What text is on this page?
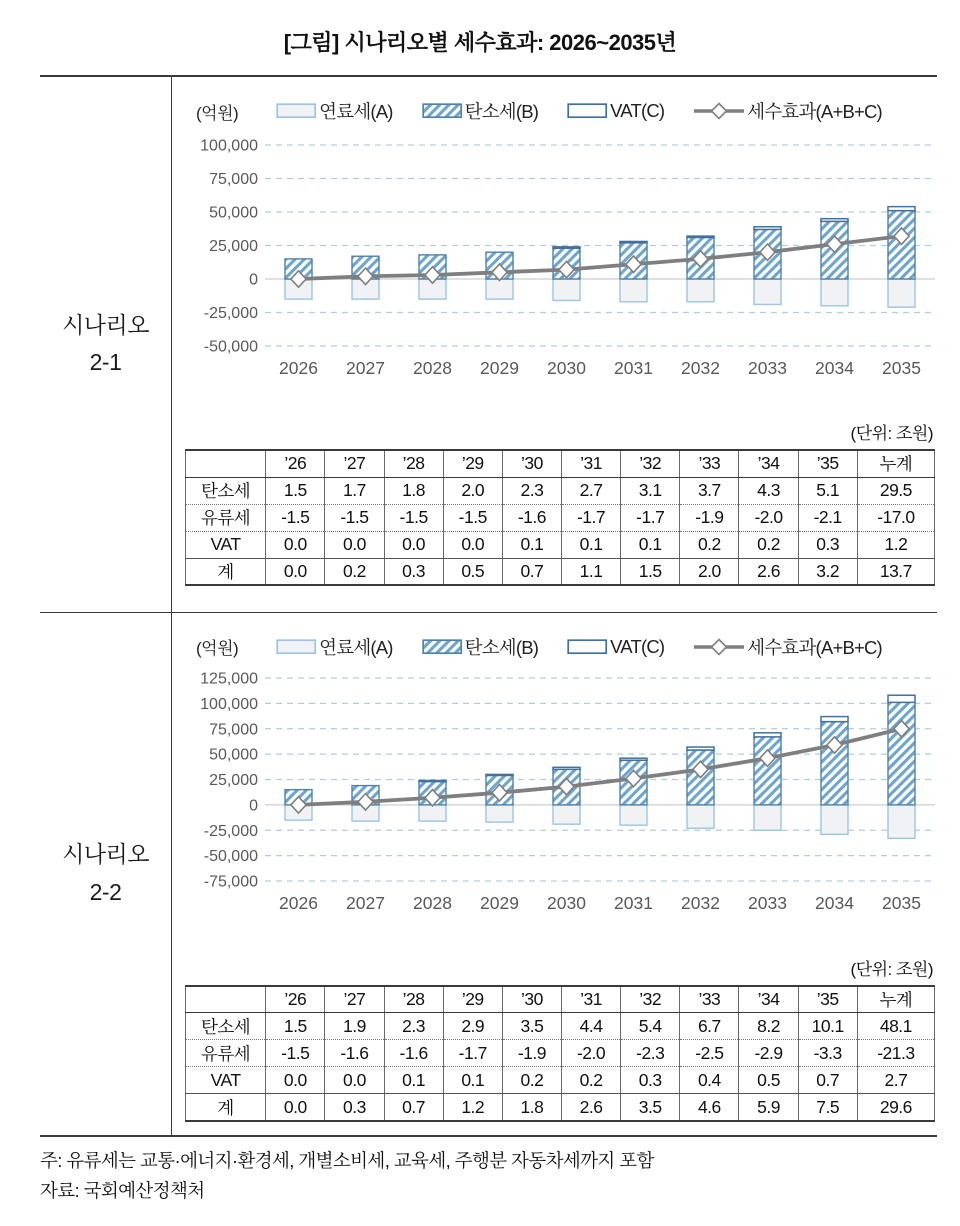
[그림] 시나리오별 세수효과: 2026~2035년
시나리오
2-1
(억원)	연료세(A)	탄소세(B)	VAT(C)	세수효과(A+B+C)
100,000
75,000
50,000
25,000
0
-25,000
-50,000
2026 2027 2028 2029 2030 2031 2032 2033 2034 2035
(단위: 조원)
	’26	’27	’28	’29	’30	’31	’32	’33	’34	’35	누계
탄소세	1.5	1.7	1.8	2.0	2.3	2.7	3.1	3.7	4.3	5.1	29.5
유류세	-1.5	-1.5	-1.5	-1.5	-1.6	-1.7	-1.7	-1.9	-2.0	-2.1	-17.0
VAT	0.0	0.0	0.0	0.0	0.1	0.1	0.1	0.2	0.2	0.3	1.2
계	0.0	0.2	0.3	0.5	0.7	1.1	1.5	2.0	2.6	3.2	13.7
시나리오
2-2
(억원)	연료세(A)	탄소세(B)	VAT(C)	세수효과(A+B+C)
125,000
100,000
75,000
50,000
25,000
0
-25,000
-50,000
-75,000
2026 2027 2028 2029 2030 2031 2032 2033 2034 2035
(단위: 조원)
	’26	’27	’28	’29	’30	’31	’32	’33	’34	’35	누계
탄소세	1.5	1.9	2.3	2.9	3.5	4.4	5.4	6.7	8.2	10.1	48.1
유류세	-1.5	-1.6	-1.6	-1.7	-1.9	-2.0	-2.3	-2.5	-2.9	-3.3	-21.3
VAT	0.0	0.0	0.1	0.1	0.2	0.2	0.3	0.4	0.5	0.7	2.7
계	0.0	0.3	0.7	1.2	1.8	2.6	3.5	4.6	5.9	7.5	29.6
주: 유류세는 교통·에너지·환경세, 개별소비세, 교육세, 주행분 자동차세까지 포함
자료: 국회예산정책처
